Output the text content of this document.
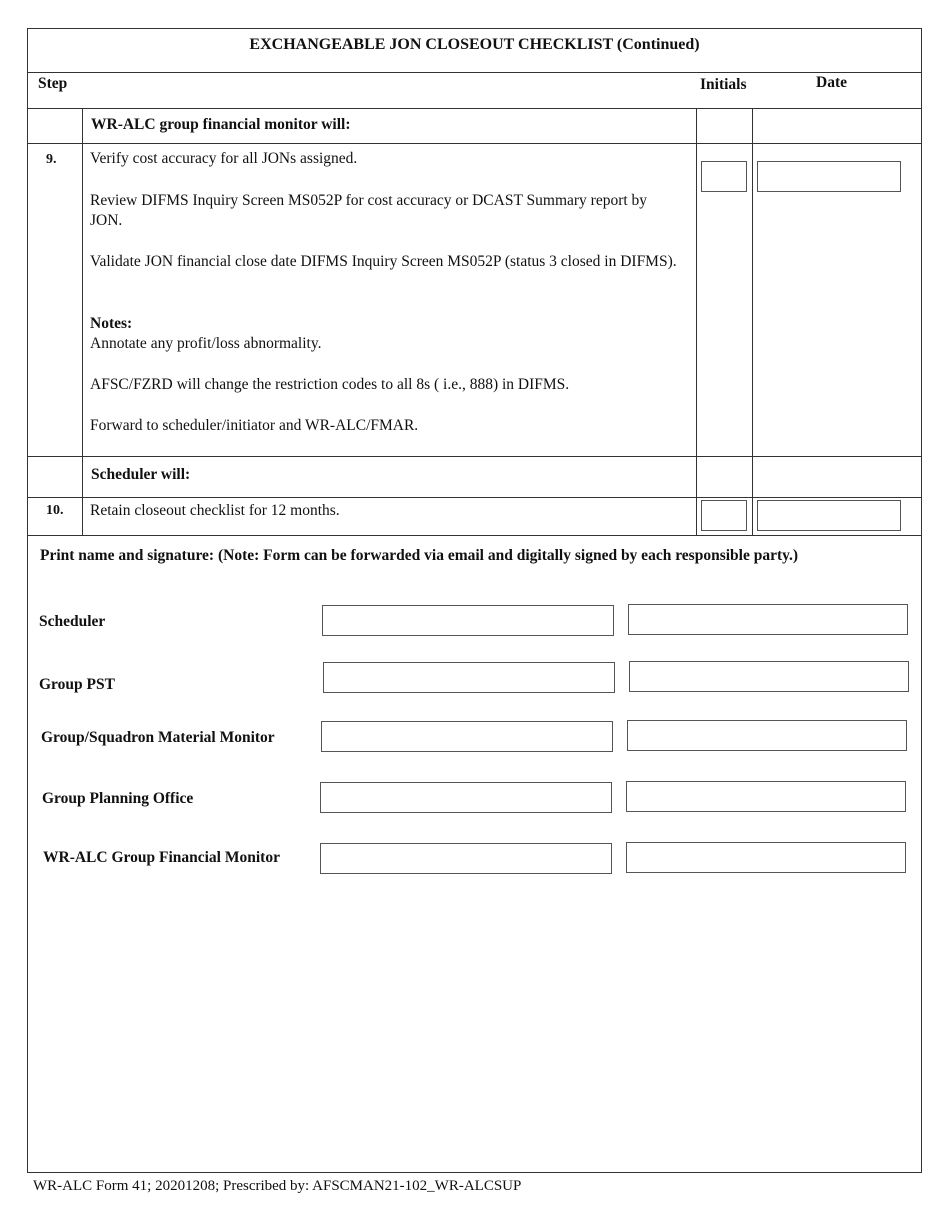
EXCHANGEABLE JON CLOSEOUT CHECKLIST (Continued)
Step	Initials	Date
WR-ALC group financial monitor will:
9. Verify cost accuracy for all JONs assigned.
Review DIFMS Inquiry Screen MS052P for cost accuracy or DCAST Summary report by JON.
Validate JON financial close date DIFMS Inquiry Screen MS052P (status 3 closed in DIFMS).
Notes:
Annotate any profit/loss abnormality.
AFSC/FZRD will change the restriction codes to all 8s ( i.e., 888) in DIFMS.
Forward to scheduler/initiator and WR-ALC/FMAR.
Scheduler will:
10. Retain closeout checklist for 12 months.
Print name and signature: (Note: Form can be forwarded via email and digitally signed by each responsible party.)
Scheduler
Group PST
Group/Squadron Material Monitor
Group Planning Office
WR-ALC Group Financial Monitor
WR-ALC Form 41; 20201208; Prescribed by: AFSCMAN21-102_WR-ALCSUP
